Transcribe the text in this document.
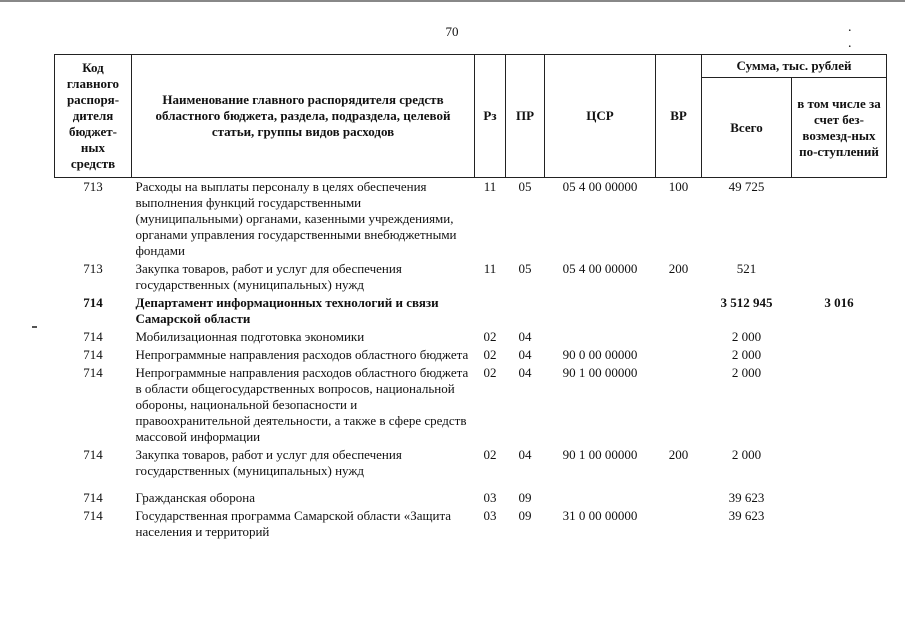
70	. .
Код главного распоря-дителя бюджет-ных средств	Наименование главного распорядителя средств областного бюджета, раздела, подраздела, целевой статьи, группы видов расходов	Рз	ПР	ЦСР	ВР	Сумма, тыс. рублей	
						Всего	в том числе за счет без-возмезд-ных по-ступлений
713	Расходы на выплаты персоналу в целях обеспечения выполнения функций государственными (муниципальными) органами, казенными учреждениями, органами управления государственными внебюджетными фондами	11	05	05 4 00 00000	100	49 725	
713	Закупка товаров, работ и услуг для обеспечения государственных (муниципальных) нужд	11	05	05 4 00 00000	200	521	
714	Департамент информационных технологий и связи Самарской области					3 512 945	3 016
714	Мобилизационная подготовка экономики	02	04			2 000	
714	Непрограммные направления расходов областного бюджета	02	04	90 0 00 00000		2 000	
714	Непрограммные направления расходов областного бюджета в области общегосударственных вопросов, национальной обороны, национальной безопасности и правоохранительной деятельности, а также в сфере средств массовой информации	02	04	90 1 00 00000		2 000	
714	Закупка товаров, работ и услуг для обеспечения государственных (муниципальных) нужд	02	04	90 1 00 00000	200	2 000	
714	Гражданская оборона	03	09			39 623	
714	Государственная программа Самарской области «Защита населения и территорий	03	09	31 0 00 00000		39 623	
